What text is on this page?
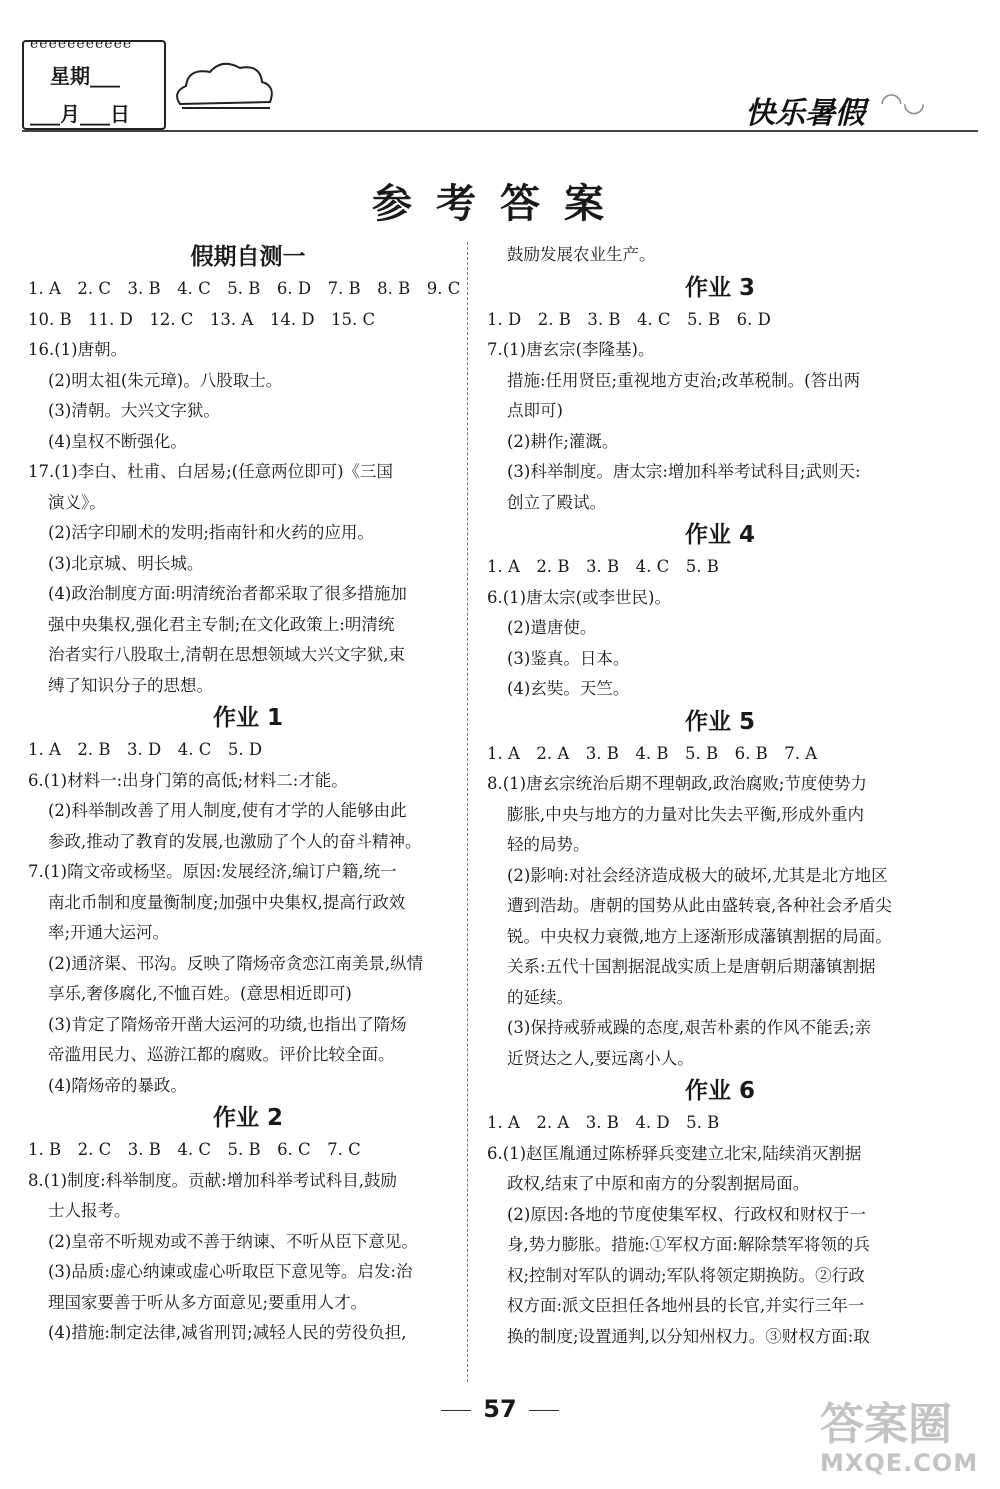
eeeeeeeeeee
星期___
___月___日	快乐暑假 ◠◡
参考答案
假期自测一
1. A　2. C　3. B　4. C　5. B　6. D　7. B　8. B　9. C
10. B　11. D　12. C　13. A　14. D　15. C
16.(1)唐朝。
(2)明太祖(朱元璋)。八股取士。
(3)清朝。大兴文字狱。
(4)皇权不断强化。
17.(1)李白、杜甫、白居易;(任意两位即可)《三国
演义》。
(2)活字印刷术的发明;指南针和火药的应用。
(3)北京城、明长城。
(4)政治制度方面:明清统治者都采取了很多措施加
强中央集权,强化君主专制;在文化政策上:明清统
治者实行八股取士,清朝在思想领域大兴文字狱,束
缚了知识分子的思想。
作业 1
1. A　2. B　3. D　4. C　5. D
6.(1)材料一:出身门第的高低;材料二:才能。
(2)科举制改善了用人制度,使有才学的人能够由此
参政,推动了教育的发展,也激励了个人的奋斗精神。
7.(1)隋文帝或杨坚。原因:发展经济,编订户籍,统一
南北币制和度量衡制度;加强中央集权,提高行政效
率;开通大运河。
(2)通济渠、邗沟。反映了隋炀帝贪恋江南美景,纵情
享乐,奢侈腐化,不恤百姓。(意思相近即可)
(3)肯定了隋炀帝开凿大运河的功绩,也指出了隋炀
帝滥用民力、巡游江都的腐败。评价比较全面。
(4)隋炀帝的暴政。
作业 2
1. B　2. C　3. B　4. C　5. B　6. C　7. C
8.(1)制度:科举制度。贡献:增加科举考试科目,鼓励
士人报考。
(2)皇帝不听规劝或不善于纳谏、不听从臣下意见。
(3)品质:虚心纳谏或虚心听取臣下意见等。启发:治
理国家要善于听从多方面意见;要重用人才。
(4)措施:制定法律,减省刑罚;减轻人民的劳役负担,
鼓励发展农业生产。
作业 3
1. D　2. B　3. B　4. C　5. B　6. D
7.(1)唐玄宗(李隆基)。
措施:任用贤臣;重视地方吏治;改革税制。(答出两
点即可)
(2)耕作;灌溉。
(3)科举制度。唐太宗:增加科举考试科目;武则天:
创立了殿试。
作业 4
1. A　2. B　3. B　4. C　5. B
6.(1)唐太宗(或李世民)。
(2)遣唐使。
(3)鉴真。日本。
(4)玄奘。天竺。
作业 5
1. A　2. A　3. B　4. B　5. B　6. B　7. A
8.(1)唐玄宗统治后期不理朝政,政治腐败;节度使势力
膨胀,中央与地方的力量对比失去平衡,形成外重内
轻的局势。
(2)影响:对社会经济造成极大的破坏,尤其是北方地区
遭到浩劫。唐朝的国势从此由盛转衰,各种社会矛盾尖
锐。中央权力衰微,地方上逐渐形成藩镇割据的局面。
关系:五代十国割据混战实质上是唐朝后期藩镇割据
的延续。
(3)保持戒骄戒躁的态度,艰苦朴素的作风不能丢;亲
近贤达之人,要远离小人。
作业 6
1. A　2. A　3. B　4. D　5. B
6.(1)赵匡胤通过陈桥驿兵变建立北宋,陆续消灭割据
政权,结束了中原和南方的分裂割据局面。
(2)原因:各地的节度使集军权、行政权和财权于一
身,势力膨胀。措施:①军权方面:解除禁军将领的兵
权;控制对军队的调动;军队将领定期换防。②行政
权方面:派文臣担任各地州县的长官,并实行三年一
换的制度;设置通判,以分知州权力。③财权方面:取
57	答案圈
MXQE.COM
